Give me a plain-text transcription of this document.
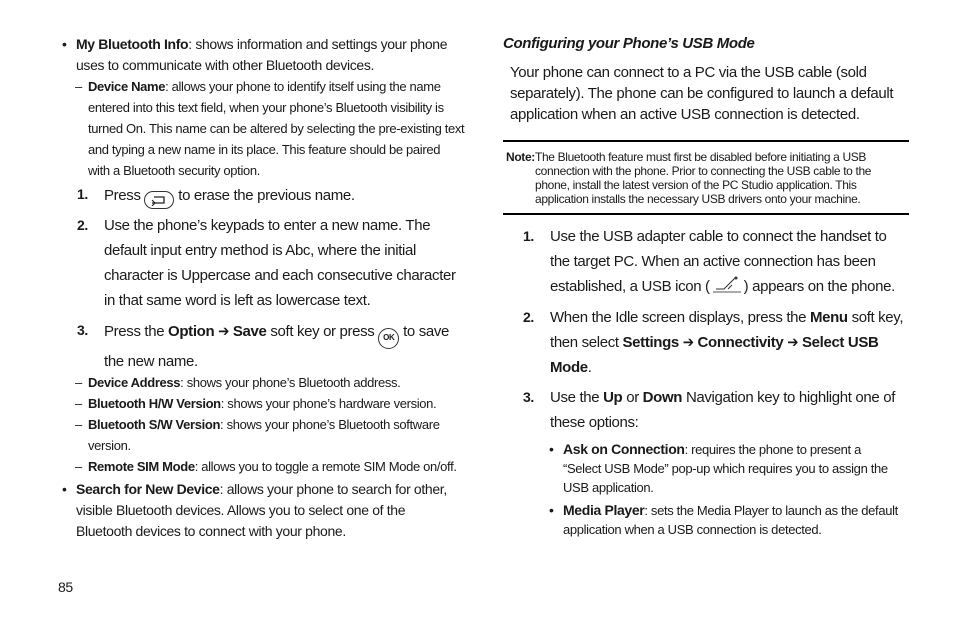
• My Bluetooth Info: shows information and settings your phone uses to communicate with other Bluetooth devices.
– Device Name: allows your phone to identify itself using the name entered into this text field, when your phone’s Bluetooth visibility is turned On. This name can be altered by selecting the pre-existing text and typing a new name in its place. This feature should be paired with a Bluetooth security option.
1. Press	to erase the previous name.
2. Use the phone’s keypads to enter a new name. The default input entry method is Abc, where the initial character is Uppercase and each consecutive character in that same word is left as lowercase text.
3. Press the Option ➔ Save soft key or press OK to save the new name.
– Device Address: shows your phone’s Bluetooth address.
– Bluetooth H/W Version: shows your phone’s hardware version.
– Bluetooth S/W Version: shows your phone’s Bluetooth software version.
– Remote SIM Mode: allows you to toggle a remote SIM Mode on/off.
• Search for New Device: allows your phone to search for other, visible Bluetooth devices. Allows you to select one of the Bluetooth devices to connect with your phone.
85
Configuring your Phone’s USB Mode
Your phone can connect to a PC via the USB cable (sold separately). The phone can be configured to launch a default application when an active USB connection is detected.
Note: The Bluetooth feature must first be disabled before initiating a USB connection with the phone. Prior to connecting the USB cable to the phone, install the latest version of the PC Studio application. This application installs the necessary USB drivers onto your machine.
1. Use the USB adapter cable to connect the handset to the target PC. When an active connection has been established, a USB icon ( ) appears on the phone.
2. When the Idle screen displays, press the Menu soft key, then select Settings ➔ Connectivity ➔ Select USB Mode.
3. Use the Up or Down Navigation key to highlight one of these options:
• Ask on Connection: requires the phone to present a “Select USB Mode” pop-up which requires you to assign the USB application.
• Media Player: sets the Media Player to launch as the default application when a USB connection is detected.
